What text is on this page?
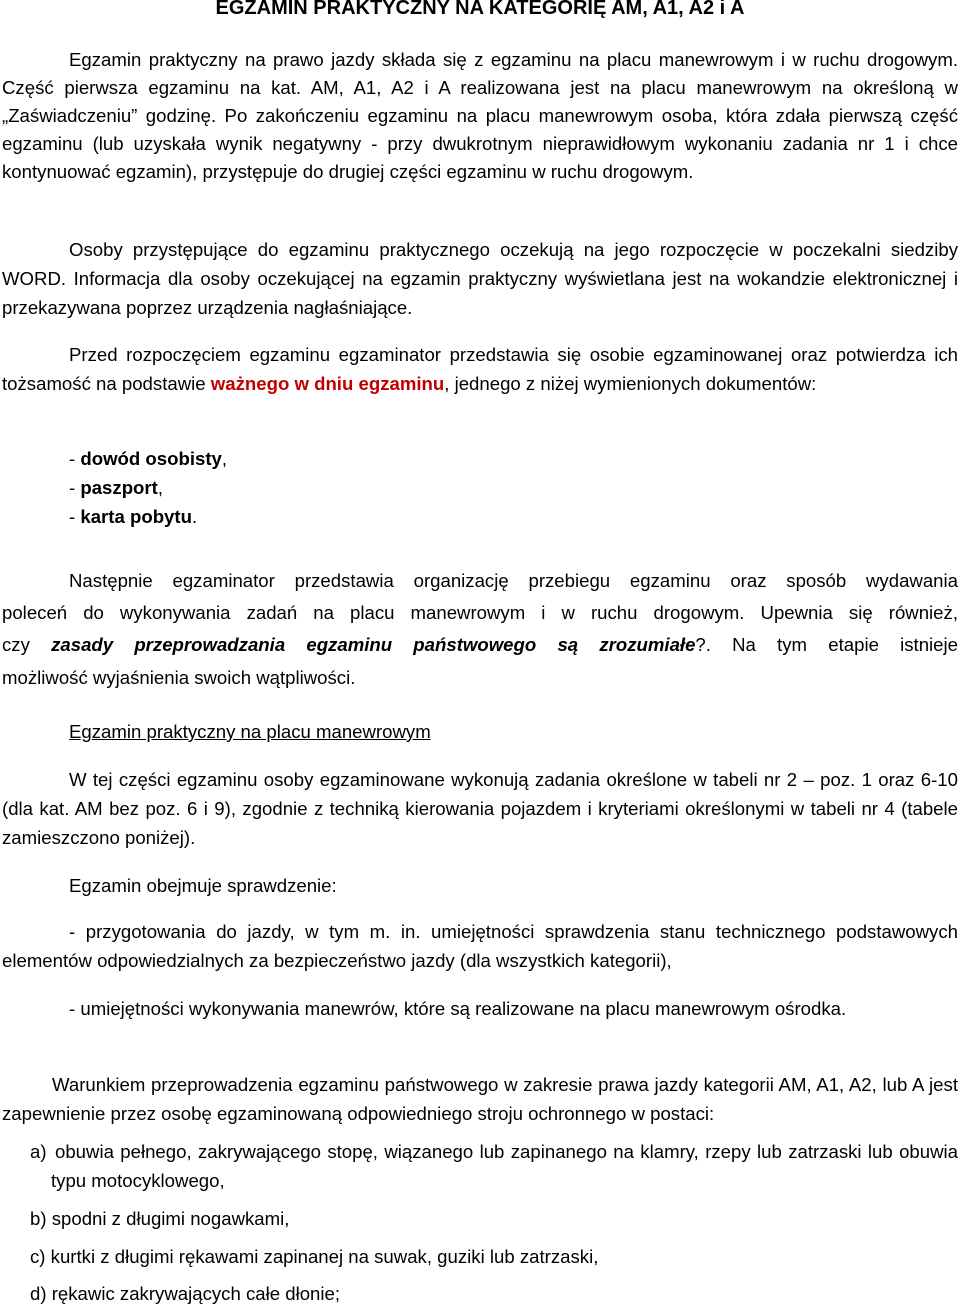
EGZAMIN PRAKTYCZNY NA KATEGORIĘ AM, A1, A2 i A
Egzamin praktyczny na prawo jazdy składa się z egzaminu na placu manewrowym i w ruchu drogowym. Część pierwsza egzaminu na kat. AM, A1, A2 i A realizowana jest na placu manewrowym na określoną w „Zaświadczeniu” godzinę. Po zakończeniu egzaminu na placu manewrowym osoba, która zdała pierwszą część egzaminu (lub uzyskała wynik negatywny - przy dwukrotnym nieprawidłowym wykonaniu zadania nr 1 i chce kontynuować egzamin), przystępuje do drugiej części egzaminu w ruchu drogowym.
Osoby przystępujące do egzaminu praktycznego oczekują na jego rozpoczęcie w poczekalni siedziby WORD. Informacja dla osoby oczekującej na egzamin praktyczny wyświetlana jest na wokandzie elektronicznej i przekazywana poprzez urządzenia nagłaśniające.
Przed rozpoczęciem egzaminu egzaminator przedstawia się osobie egzaminowanej oraz potwierdza ich tożsamość na podstawie ważnego w dniu egzaminu, jednego z niżej wymienionych dokumentów:
- dowód osobisty,
- paszport,
- karta pobytu.
Następnie egzaminator przedstawia organizację przebiegu egzaminu oraz sposób wydawania
poleceń do wykonywania zadań na placu manewrowym i w ruchu drogowym. Upewnia się również,
czy zasady przeprowadzania egzaminu państwowego są zrozumiałe?. Na tym etapie istnieje
możliwość wyjaśnienia swoich wątpliwości.
Egzamin praktyczny na placu manewrowym
W tej części egzaminu osoby egzaminowane wykonują zadania określone w tabeli nr 2 – poz. 1 oraz 6-10 (dla kat. AM bez poz. 6 i 9), zgodnie z techniką kierowania pojazdem i kryteriami określonymi w tabeli nr 4 (tabele zamieszczono poniżej).
Egzamin obejmuje sprawdzenie:
- przygotowania do jazdy, w tym m. in. umiejętności sprawdzenia stanu technicznego podstawowych elementów odpowiedzialnych za bezpieczeństwo jazdy (dla wszystkich kategorii),
- umiejętności wykonywania manewrów, które są realizowane na placu manewrowym ośrodka.
Warunkiem przeprowadzenia egzaminu państwowego w zakresie prawa jazdy kategorii AM, A1, A2, lub A jest zapewnienie przez osobę egzaminowaną odpowiedniego stroju ochronnego w postaci:
a) obuwia pełnego, zakrywającego stopę, wiązanego lub zapinanego na klamry, rzepy lub zatrzaski lub obuwia typu motocyklowego,
b) spodni z długimi nogawkami,
c) kurtki z długimi rękawami zapinanej na suwak, guziki lub zatrzaski,
d) rękawic zakrywających całe dłonie;
